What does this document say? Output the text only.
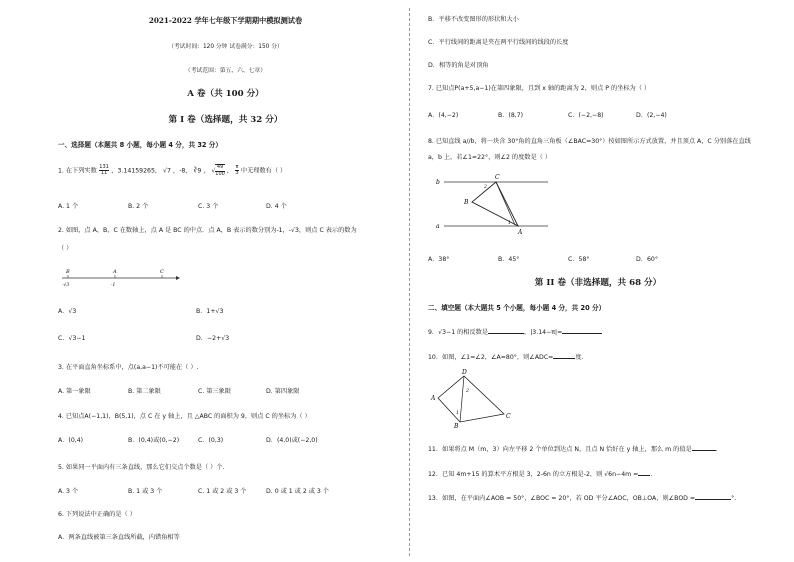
2021-2022 学年七年级下学期期中模拟测试卷
（考试时间：120 分钟 试卷满分：150 分）
（考试范围：第五、六、七章）
A 卷（共 100 分）
第 I 卷（选择题，共 32 分）
一、选择题（本题共 8 小题，每小题 4 分，共 32 分）
1. 在下列实数 $\frac{131}{11}$ ，3.14159265， √7 ，-8， ∛9 ， √ $\frac{49}{100}$ ， $\frac{\pi}{3}$ 中无理数有（ ）
A. 1 个	B. 2 个	C. 3 个	D. 4 个
2. 如图，点 A，B，C 在数轴上，点 A 是 BC 的中点．点 A，B 表示的数分别为-1，-√3，则点 C 表示的数为
（ ）
B
-√3
A
-1
C
A．√3	B．1+√3
C．√3−1	D．−2+√3
3. 在平面直角坐标系中，点(a,a−1)不可能在（ ）.
A. 第一象限	B. 第二象限	C. 第三象限	D. 第四象限
4. 已知点A(−1,1)，B(5,1)，点 C 在 y 轴上，且 △ABC 的面积为 9，则点 C 的坐标为（ ）
A．(0,4)	B．(0,4)或(0,−2)	C．(0,3)	D．(4,0)或(−2,0)
5. 如果同一平面内有三条直线，那么它们交点个数是（ ）个.
A. 3 个	B. 1 或 3 个	C. 1 或 2 或 3 个	D. 0 或 1 或 2 或 3 个
6. 下列说法中正确的是（ ）
A．两条直线被第三条直线所截，内错角相等
B．平移不改变图形的形状和大小
C．平行线间的距离是夹在两平行线间的线段的长度
D．相等的角是对顶角
7. 已知点P(a+5,a−1)在第四象限，且到 x 轴的距离为 2，则点 P 的坐标为（ ）
A．(4,−2)	B．(8,7)	C．(−2,−8)	D．(2,−4)
8. 已知直线 a//b，将一块含 30°角的直角三角板（∠BAC=30°）按如图所示方式放置，并且顶点 A，C 分别落在直线
a，b 上，若∠1=22°，则∠2 的度数是（ ）
b
a
C
B
A
1
2
A．38°	B．45°	C．58°	D．60°
第 II 卷（非选择题，共 68 分）
二、填空题（本大题共 5 个小题，每小题 4 分，共 20 分）
9．√3−1 的相反数是	，|3.14−π|=
10．如图，∠1=∠2，∠A=80°，则∠ADC=	度.
A
B
C
D
1
2
11．如果将点 M（m，3）向左平移 2 个单位到达点 N，且点 N 恰好在 y 轴上，那么 m 的值是	.
12．已知 4m+15 的算术平方根是 3，2-6n 的立方根是-2，则 √6n−4m = .
13．如图，在平面内∠AOB = 50°，∠BOC = 20°，若 OD 平分∠AOC，OB⊥OA，则∠BOD =	°.
